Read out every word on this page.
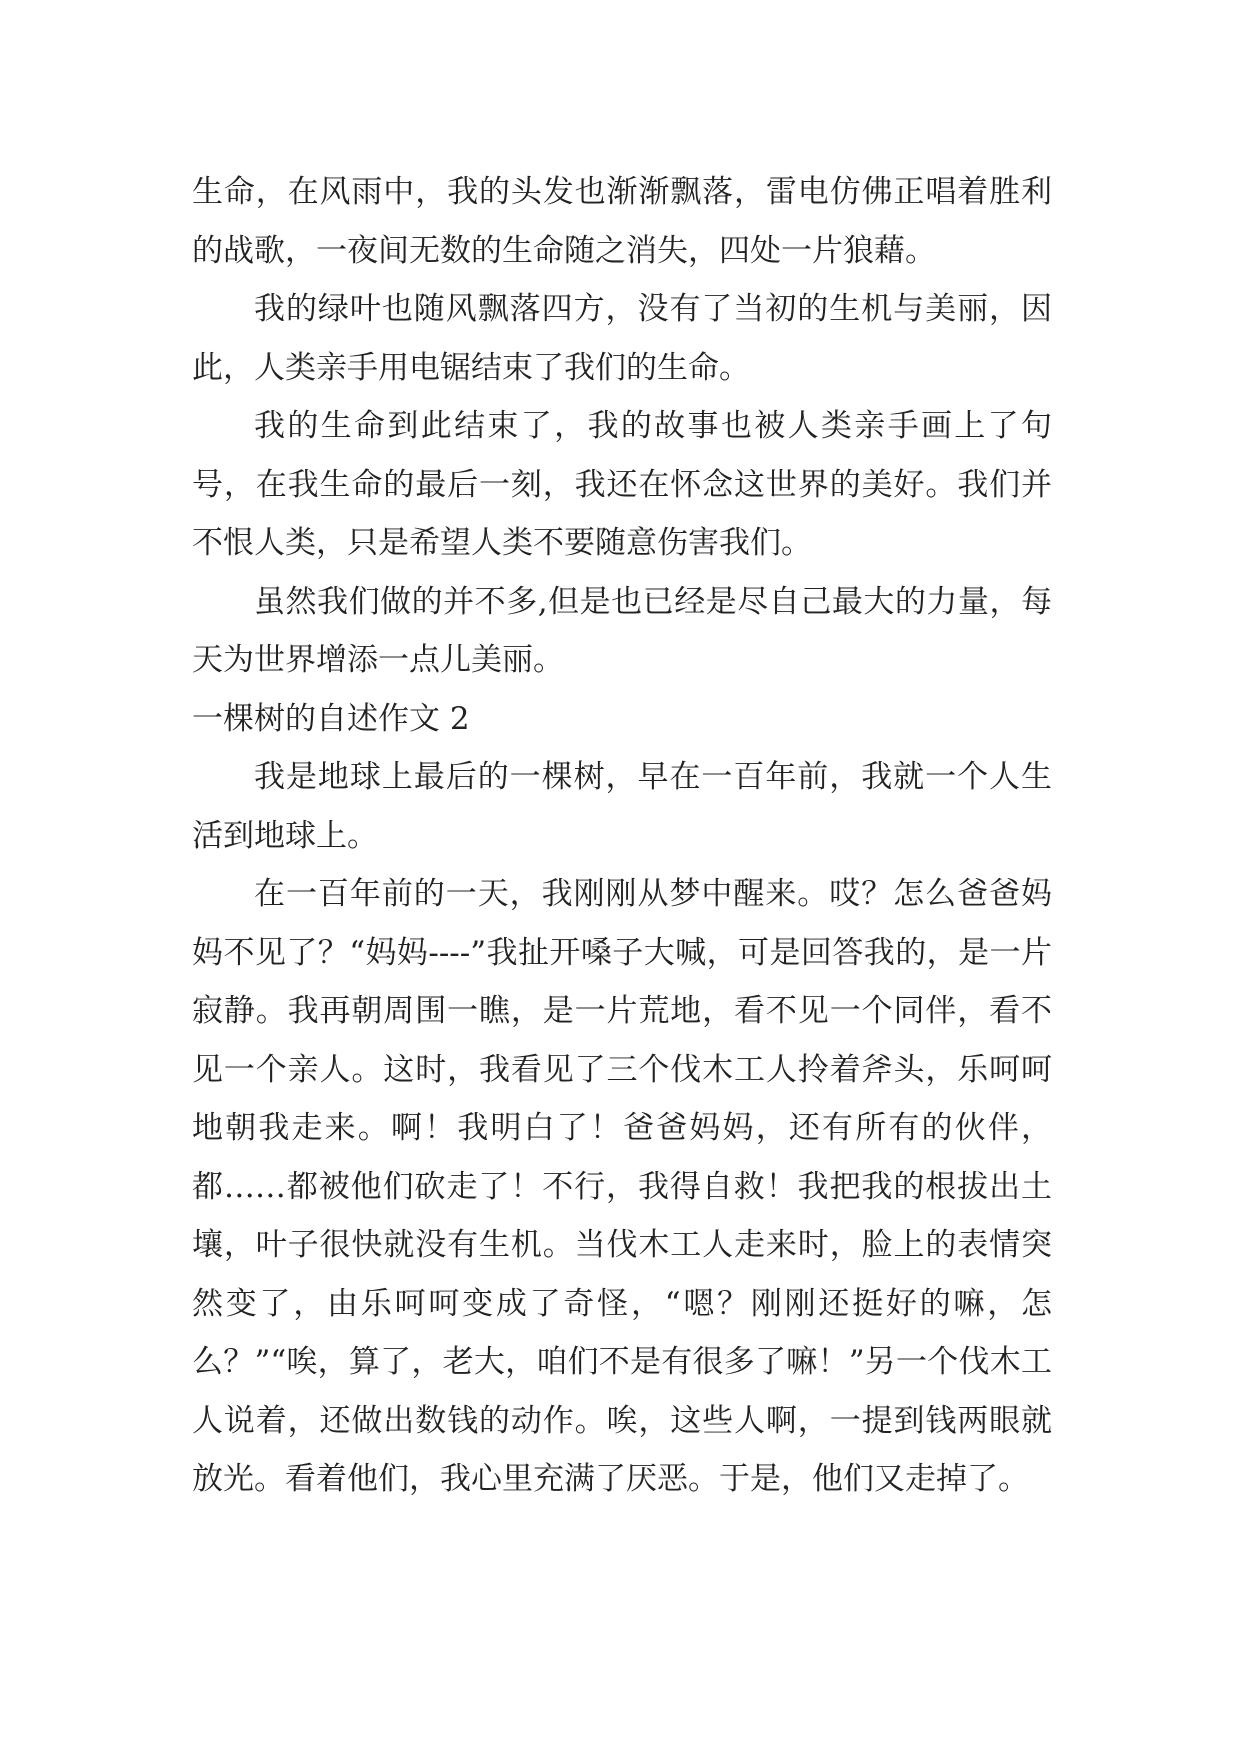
生命，在风雨中，我的头发也渐渐飘落，雷电仿佛正唱着胜利的战歌，一夜间无数的生命随之消失，四处一片狼藉。

我的绿叶也随风飘落四方，没有了当初的生机与美丽，因此，人类亲手用电锯结束了我们的生命。

我的生命到此结束了，我的故事也被人类亲手画上了句号，在我生命的最后一刻，我还在怀念这世界的美好。我们并不恨人类，只是希望人类不要随意伤害我们。

虽然我们做的并不多,但是也已经是尽自己最大的力量，每天为世界增添一点儿美丽。

一棵树的自述作文 2

我是地球上最后的一棵树，早在一百年前，我就一个人生活到地球上。

在一百年前的一天，我刚刚从梦中醒来。哎？怎么爸爸妈妈不见了？“妈妈----”我扯开嗓子大喊，可是回答我的，是一片寂静。我再朝周围一瞧，是一片荒地，看不见一个同伴，看不见一个亲人。这时，我看见了三个伐木工人拎着斧头，乐呵呵地朝我走来。啊！我明白了！爸爸妈妈，还有所有的伙伴，都……都被他们砍走了！不行，我得自救！我把我的根拔出土壤，叶子很快就没有生机。当伐木工人走来时，脸上的表情突然变了，由乐呵呵变成了奇怪，“嗯？刚刚还挺好的嘛，怎么？”“唉，算了，老大，咱们不是有很多了嘛！”另一个伐木工人说着，还做出数钱的动作。唉，这些人啊，一提到钱两眼就放光。看着他们，我心里充满了厌恶。于是，他们又走掉了。
